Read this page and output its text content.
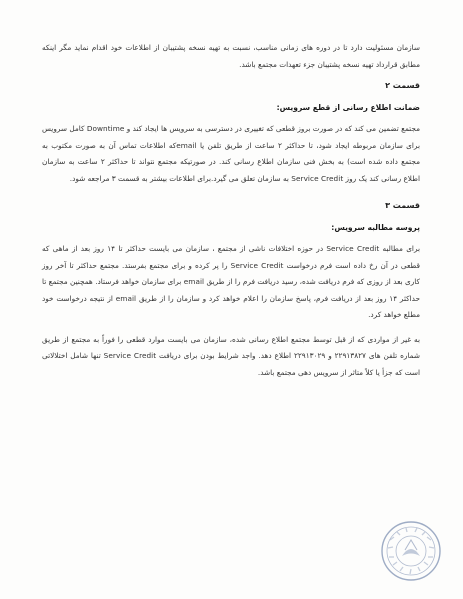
سازمان مسئولیت دارد تا در دوره های زمانی مناسب، نسبت به تهیه نسخه پشتیبان از اطلاعات خود اقدام نماید مگر اینکه مطابق قرارداد تهیه نسخه پشتیبان جزء تعهدات مجتمع باشد.

قسمت ۲
ضمانت اطلاع رسانی از قطع سرویس:

مجتمع تضمین می کند که در صورت بروز قطعی که تغییری در دسترسی به سرویس ها ایجاد کند و Downtime کامل سرویس برای سازمان مربوطه ایجاد شود، تا حداکثر ۲ ساعت از طریق تلفن یا emailکه اطلاعات تماس آن به صورت مکتوب به مجتمع داده شده است) به بخش فنی سازمان اطلاع رسانی کند. در صورتیکه مجتمع نتواند تا حداکثر ۲ ساعت به سازمان اطلاع رسانی کند یک روز Service Credit به سازمان تعلق می گیرد.برای اطلاعات بیشتر به قسمت ۳ مراجعه شود.

قسمت ۳
پروسه مطالبه سرویس:

برای مطالبه Service Credit در حوزه اختلافات ناشی از مجتمع ، سازمان می بایست حداکثر تا ۱۴ روز بعد از ماهی که قطعی در آن رخ داده است فرم درخواست Service Credit را پر کرده و برای مجتمع بفرستد. مجتمع حداکثر تا آخر روز کاری بعد از روزی که فرم دریافت شده، رسید دریافت فرم را از طریق email برای سازمان خواهد فرستاد. همچنین مجتمع تا حداکثر ۱۴ روز بعد از دریافت فرم، پاسخ سازمان را اعلام خواهد کرد و سازمان را از طریق email از نتیجه درخواست خود مطلع خواهد کرد.

به غیر از مواردی که از قبل توسط مجتمع اطلاع رسانی شده، سازمان می بایست موارد قطعی را فوراً به مجتمع از طریق شماره تلفن های ۲۲۹۱۳۸۲۷ و ۲۲۹۱۳۰۲۹ اطلاع دهد. واجد شرایط بودن برای دریافت Service Credit تنها شامل اختلالاتی است که جزأ یا کلاً متاثر از سرویس دهی مجتمع باشد.
